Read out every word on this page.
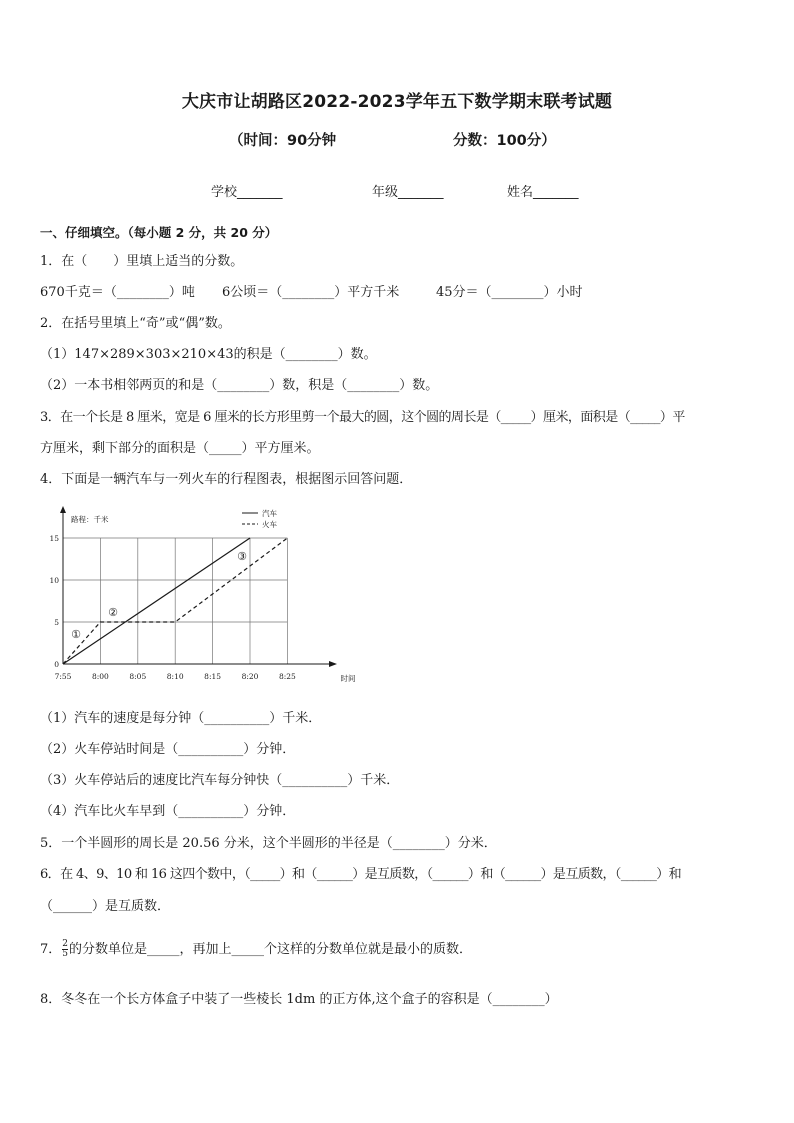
大庆市让胡路区2022-2023学年五下数学期末联考试题
（时间：90分钟	分数：100分）
学校_______	年级_______	姓名_______
一、仔细填空。（每小题 2 分，共 20 分）
1．在（　　）里填上适当的分数。
670千克＝（________）吨 6公顷＝（________）平方千米	45分＝（________）小时
2．在括号里填上“奇”或“偶”数。
（1）147×289×303×210×43的积是（________）数。
（2）一本书相邻两页的和是（________）数，积是（________）数。
3．在一个长是 8 厘米，宽是 6 厘米的长方形里剪一个最大的圆，这个圆的周长是（_____）厘米，面积是（_____）平
方厘米，剩下部分的面积是（_____）平方厘米。
4．下面是一辆汽车与一列火车的行程图表，根据图示回答问题．
7:55	8:00	8:05	8:10	8:15	8:20	8:25
0
5
10
15
路程：千米
时间
汽车
火车
①
②
③
（1）汽车的速度是每分钟（__________）千米．
（2）火车停站时间是（__________）分钟．
（3）火车停站后的速度比汽车每分钟快（__________）千米．
（4）汽车比火车早到（__________）分钟．
5．一个半圆形的周长是 20.56 分米，这个半圆形的半径是（________）分米．
6．在 4、9、10 和 16 这四个数中，（_____）和（______）是互质数，（______）和（______）是互质数，（______）和
（______）是互质数．
7． $\frac{2}{5}$ 的分数单位是_____，再加上_____个这样的分数单位就是最小的质数．
8．冬冬在一个长方体盒子中装了一些棱长 1dm 的正方体,这个盒子的容积是（________）
